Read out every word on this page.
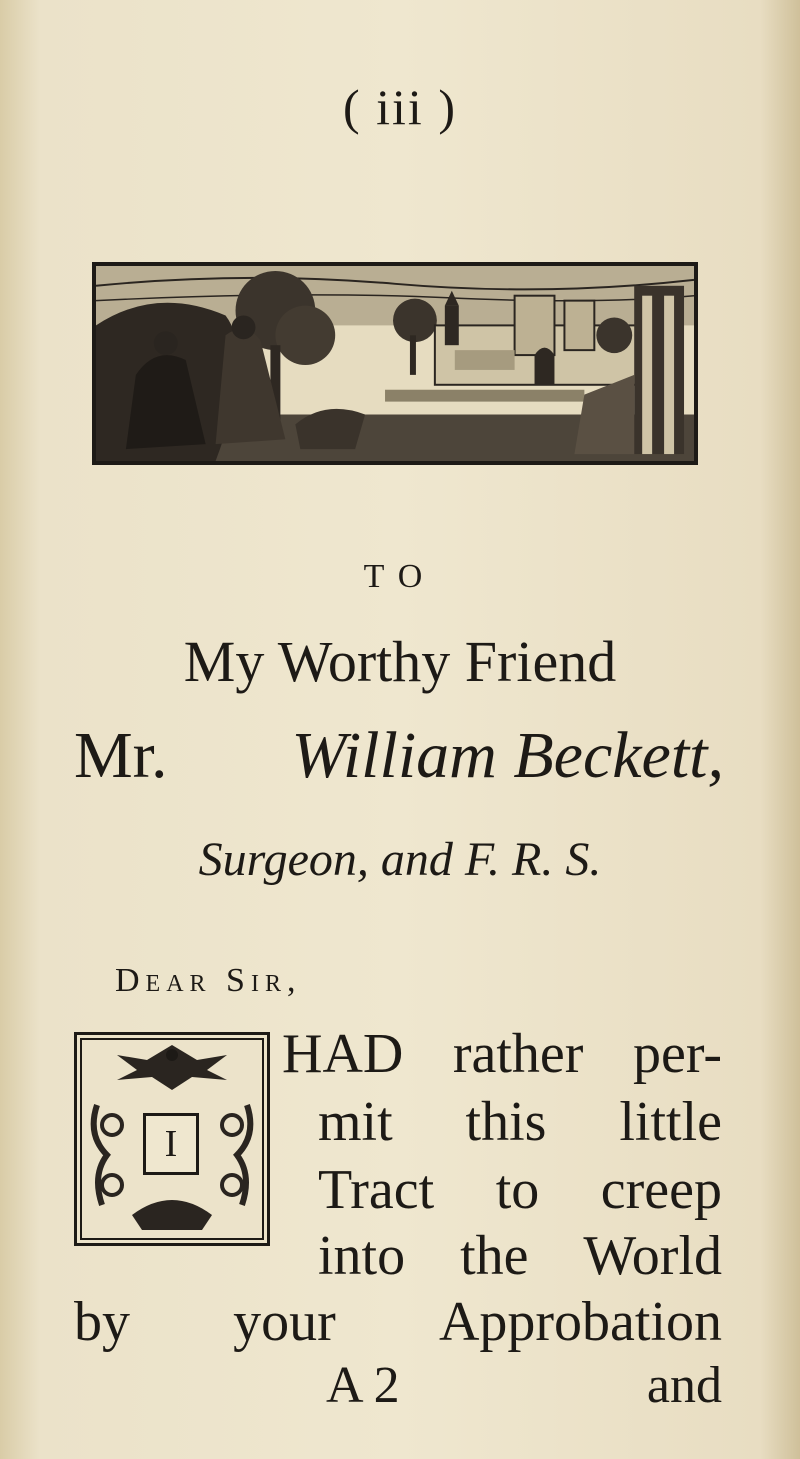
( iii )
TO
My Worthy Friend
Mr. William Beckett,
Surgeon, and F. R. S.
Dear Sir,
I
HAD rather per-
mit this little
Tract to creep
into the World
by your Approbation
A 2	and
